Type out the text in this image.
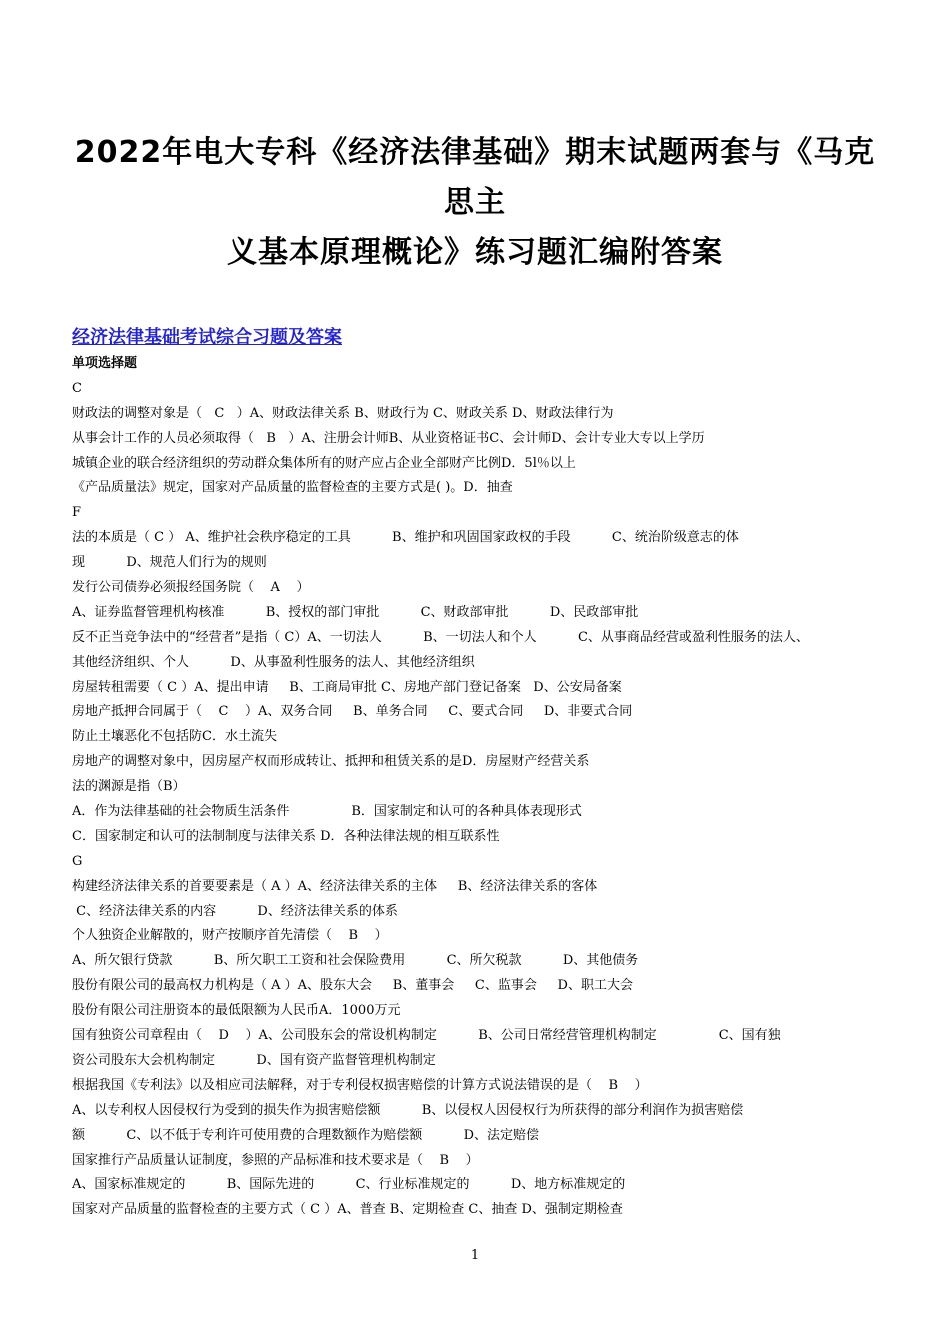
2022年电大专科《经济法律基础》期末试题两套与《马克思主
义基本原理概论》练习题汇编附答案
经济法律基础考试综合习题及答案
单项选择题
C
财政法的调整对象是（   C   ）A、财政法律关系 B、财政行为 C、财政关系 D、财政法律行为
从事会计工作的人员必须取得（   B   ）A、注册会计师B、从业资格证书C、会计师D、会计专业大专以上学历
城镇企业的联合经济组织的劳动群众集体所有的财产应占企业全部财产比例D．5l％以上
《产品质量法》规定，国家对产品质量的监督检查的主要方式是( )。D．抽查
F
法的本质是（ C ） A、维护社会秩序稳定的工具          B、维护和巩固国家政权的手段          C、统治阶级意志的体
现          D、规范人们行为的规则
发行公司债券必须报经国务院（    A    ）
A、证券监督管理机构核准          B、授权的部门审批          C、财政部审批          D、民政部审批
反不正当竞争法中的“经营者”是指（ C）A、一切法人          B、一切法人和个人          C、从事商品经营或盈利性服务的法人、
其他经济组织、个人          D、从事盈利性服务的法人、其他经济组织
房屋转租需要（ C ）A、提出申请     B、工商局审批 C、房地产部门登记备案   D、公安局备案
房地产抵押合同属于（    C    ）A、双务合同     B、单务合同     C、要式合同     D、非要式合同
防止土壤恶化不包括防C．水土流失
房地产的调整对象中，因房屋产权而形成转让、抵押和租赁关系的是D．房屋财产经营关系
法的渊源是指（B）
A．作为法律基础的社会物质生活条件               B．国家制定和认可的各种具体表现形式
C．国家制定和认可的法制制度与法律关系 D．各种法律法规的相互联系性
G
构建经济法律关系的首要要素是（ A ）A、经济法律关系的主体     B、经济法律关系的客体
C、经济法律关系的内容          D、经济法律关系的体系
个人独资企业解散的，财产按顺序首先清偿（    B    ）
A、所欠银行贷款          B、所欠职工工资和社会保险费用          C、所欠税款          D、其他债务
股份有限公司的最高权力机构是（ A ）A、股东大会     B、董事会     C、监事会     D、职工大会
股份有限公司注册资本的最低限额为人民币A．1000万元
国有独资公司章程由（    D    ）A、公司股东会的常设机构制定          B、公司日常经营管理机构制定               C、国有独
资公司股东大会机构制定          D、国有资产监督管理机构制定
根据我国《专利法》以及相应司法解释，对于专利侵权损害赔偿的计算方式说法错误的是（    B    ）
A、以专利权人因侵权行为受到的损失作为损害赔偿额          B、以侵权人因侵权行为所获得的部分利润作为损害赔偿
额          C、以不低于专利许可使用费的合理数额作为赔偿额          D、法定赔偿
国家推行产品质量认证制度，参照的产品标准和技术要求是（    B    ）
A、国家标准规定的          B、国际先进的          C、行业标准规定的          D、地方标准规定的
国家对产品质量的监督检查的主要方式（ C ）A、普查 B、定期检查 C、抽查 D、强制定期检查
1
